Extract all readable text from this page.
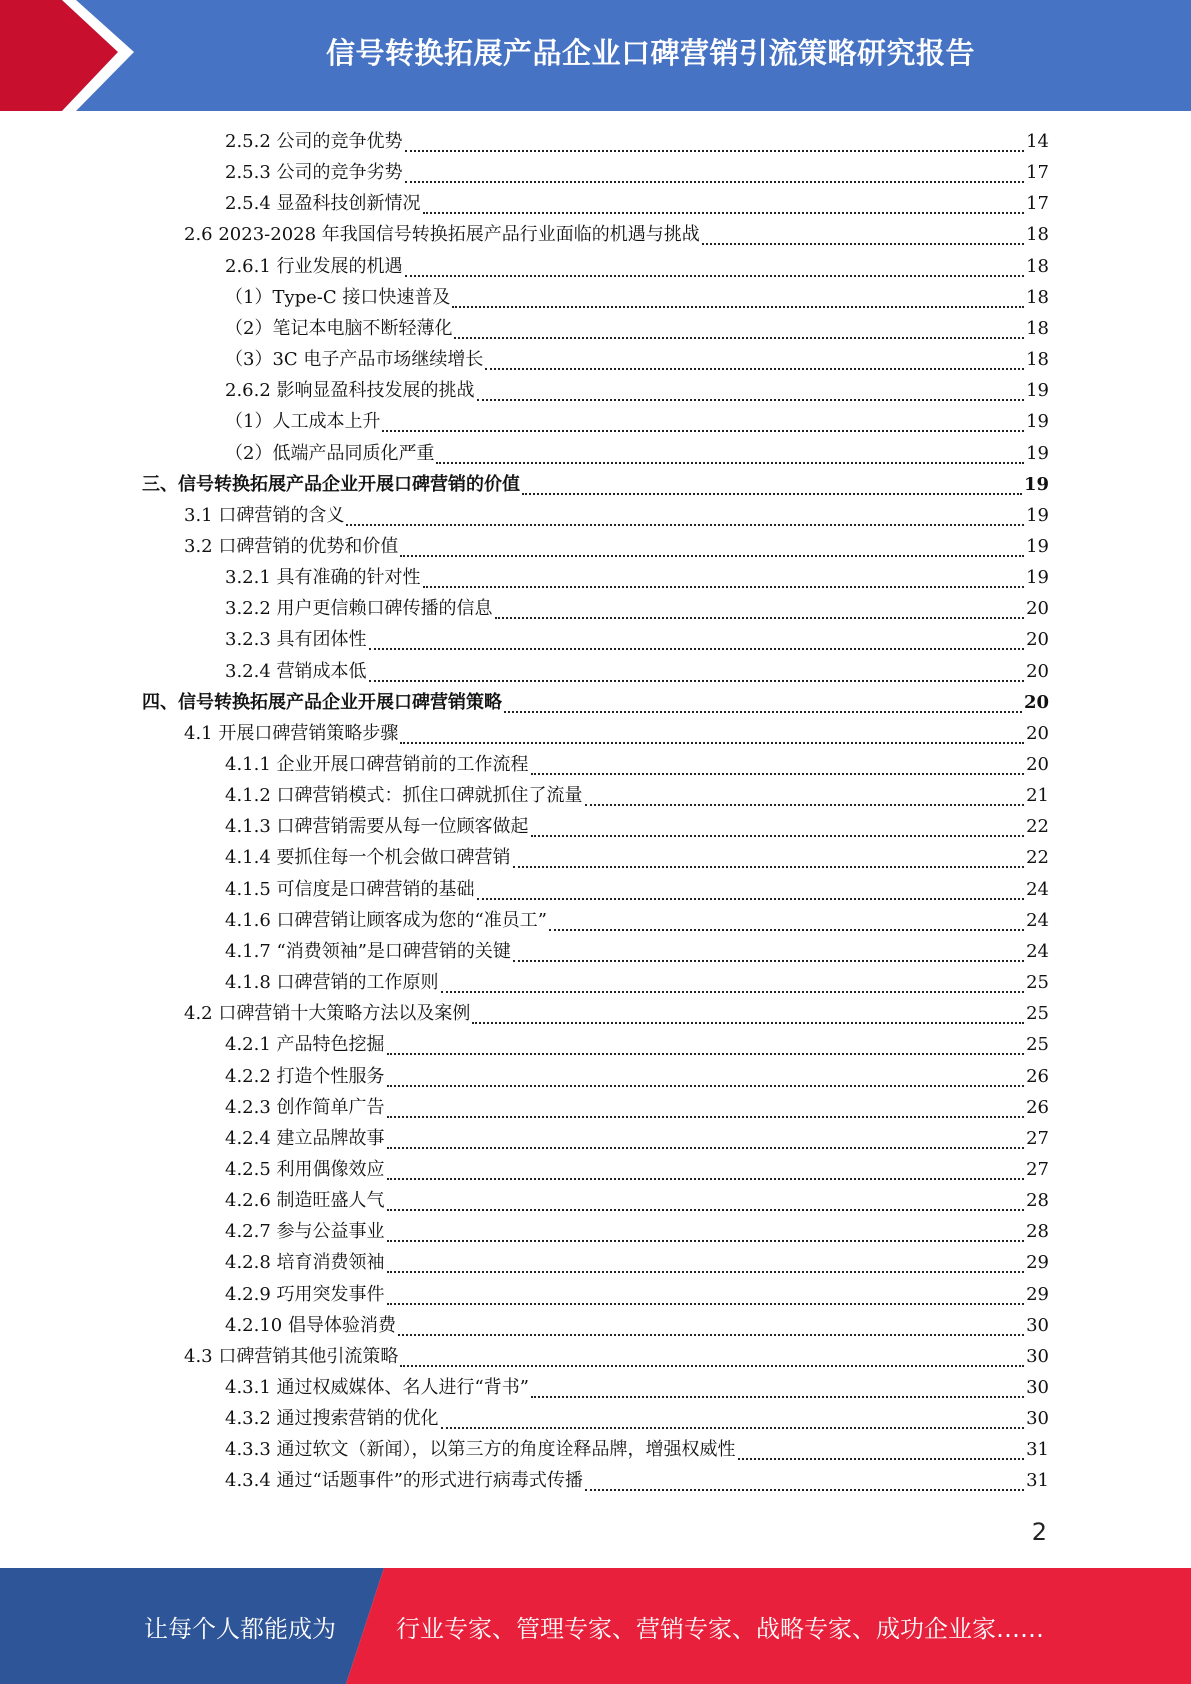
信号转换拓展产品企业口碑营销引流策略研究报告
2.5.2 公司的竞争优势	14
2.5.3 公司的竞争劣势	17
2.5.4 显盈科技创新情况	17
2.6 2023-2028 年我国信号转换拓展产品行业面临的机遇与挑战	18
2.6.1 行业发展的机遇	18
（1）Type-C 接口快速普及	18
（2）笔记本电脑不断轻薄化	18
（3）3C 电子产品市场继续增长	18
2.6.2 影响显盈科技发展的挑战	19
（1）人工成本上升	19
（2）低端产品同质化严重	19
三、信号转换拓展产品企业开展口碑营销的价值	19
3.1 口碑营销的含义	19
3.2 口碑营销的优势和价值	19
3.2.1 具有准确的针对性	19
3.2.2 用户更信赖口碑传播的信息	20
3.2.3 具有团体性	20
3.2.4 营销成本低	20
四、信号转换拓展产品企业开展口碑营销策略	20
4.1 开展口碑营销策略步骤	20
4.1.1 企业开展口碑营销前的工作流程	20
4.1.2 口碑营销模式：抓住口碑就抓住了流量	21
4.1.3 口碑营销需要从每一位顾客做起	22
4.1.4 要抓住每一个机会做口碑营销	22
4.1.5 可信度是口碑营销的基础	24
4.1.6 口碑营销让顾客成为您的“准员工”	24
4.1.7 “消费领袖”是口碑营销的关键	24
4.1.8 口碑营销的工作原则	25
4.2 口碑营销十大策略方法以及案例	25
4.2.1 产品特色挖掘	25
4.2.2 打造个性服务	26
4.2.3 创作简单广告	26
4.2.4 建立品牌故事	27
4.2.5 利用偶像效应	27
4.2.6 制造旺盛人气	28
4.2.7 参与公益事业	28
4.2.8 培育消费领袖	29
4.2.9 巧用突发事件	29
4.2.10 倡导体验消费	30
4.3 口碑营销其他引流策略	30
4.3.1 通过权威媒体、名人进行“背书”	30
4.3.2 通过搜索营销的优化	30
4.3.3 通过软文（新闻），以第三方的角度诠释品牌，增强权威性	31
4.3.4 通过“话题事件”的形式进行病毒式传播	31
2
让每个人都能成为	行业专家、管理专家、营销专家、战略专家、成功企业家……
